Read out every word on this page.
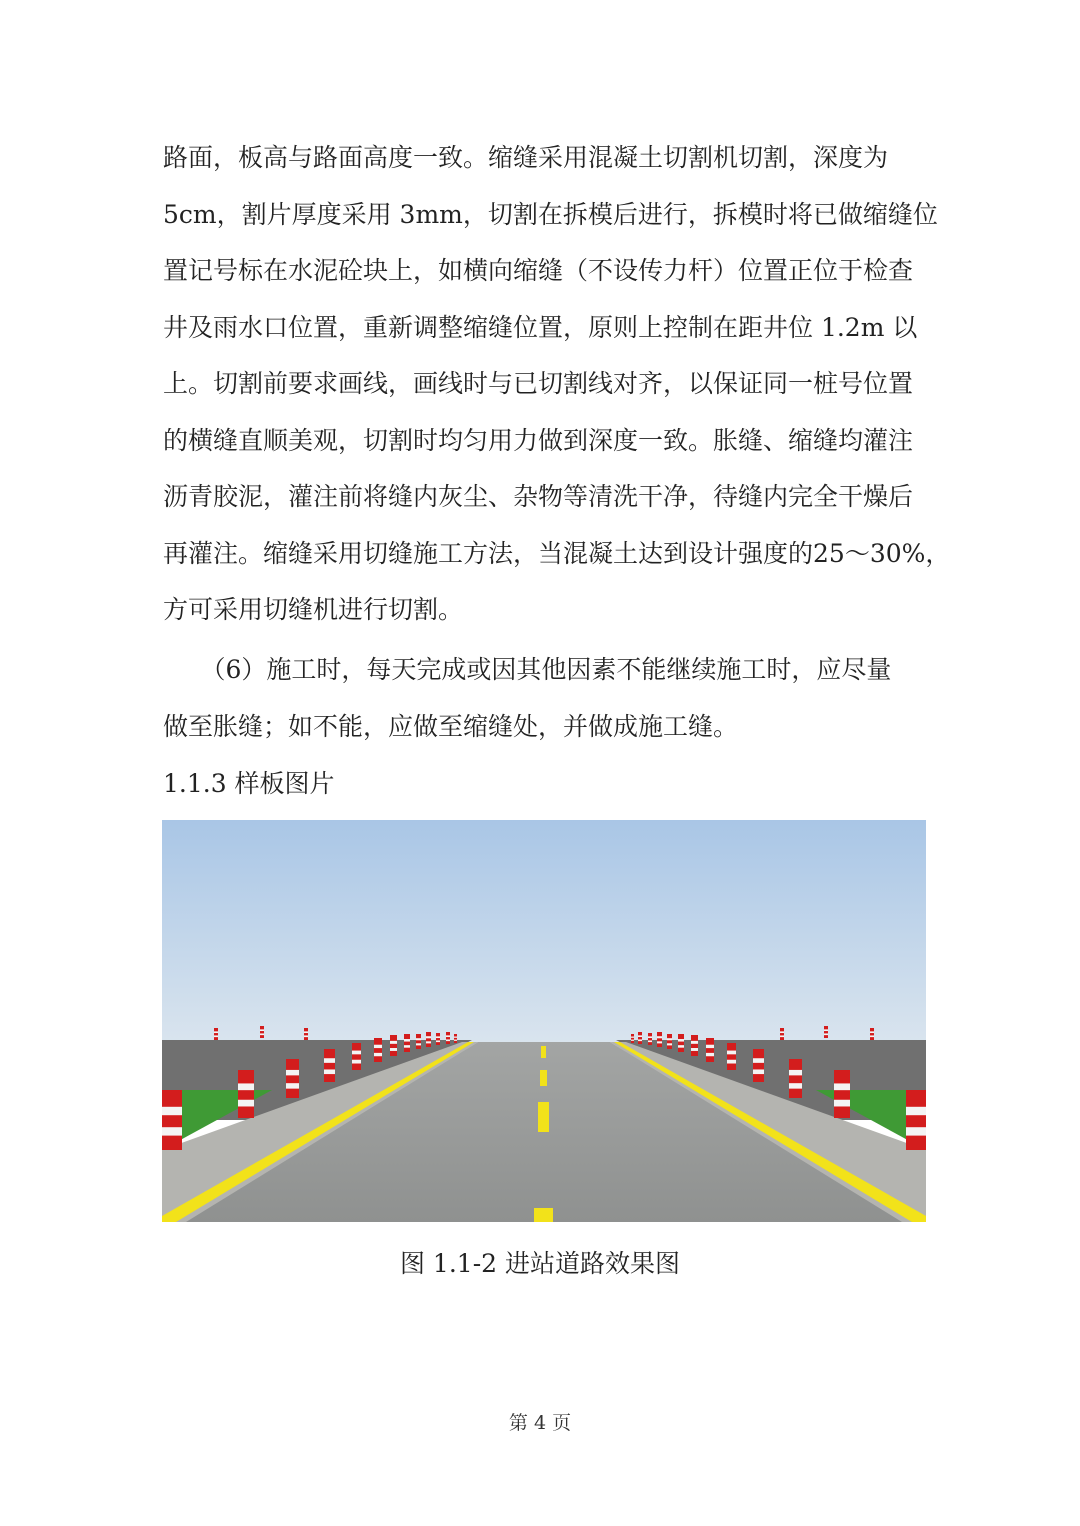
路面，板高与路面高度一致。缩缝采用混凝土切割机切割，深度为
5cm，割片厚度采用 3mm，切割在拆模后进行，拆模时将已做缩缝位
置记号标在水泥砼块上，如横向缩缝（不设传力杆）位置正位于检查
井及雨水口位置，重新调整缩缝位置，原则上控制在距井位 1.2m 以
上。切割前要求画线，画线时与已切割线对齐，以保证同一桩号位置
的横缝直顺美观，切割时均匀用力做到深度一致。胀缝、缩缝均灌注
沥青胶泥，灌注前将缝内灰尘、杂物等清洗干净，待缝内完全干燥后
再灌注。缩缝采用切缝施工方法，当混凝土达到设计强度的25～30%，
方可采用切缝机进行切割。
　　（6）施工时，每天完成或因其他因素不能继续施工时，应尽量
做至胀缝；如不能，应做至缩缝处，并做成施工缝。
1.1.3 样板图片
图 1.1-2 进站道路效果图
第 4 页
